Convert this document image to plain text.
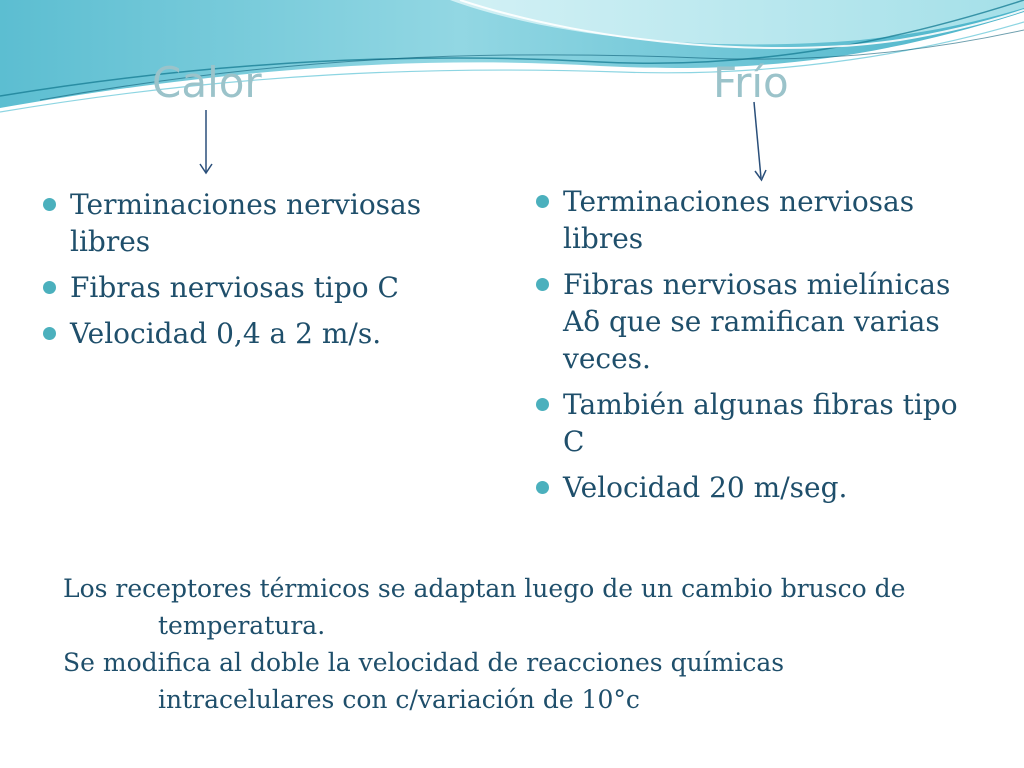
Calor	Frío
Terminaciones nerviosas libres
Fibras nerviosas tipo C
Velocidad 0,4 a 2 m/s.
Terminaciones nerviosas libres
Fibras nerviosas mielínicas Aδ que se ramifican varias veces.
También algunas fibras tipo C
Velocidad 20 m/seg.

Los receptores térmicos se adaptan luego de un cambio brusco de temperatura.

Se modifica al doble la velocidad de reacciones químicas intracelulares con c/variación de 10°c
